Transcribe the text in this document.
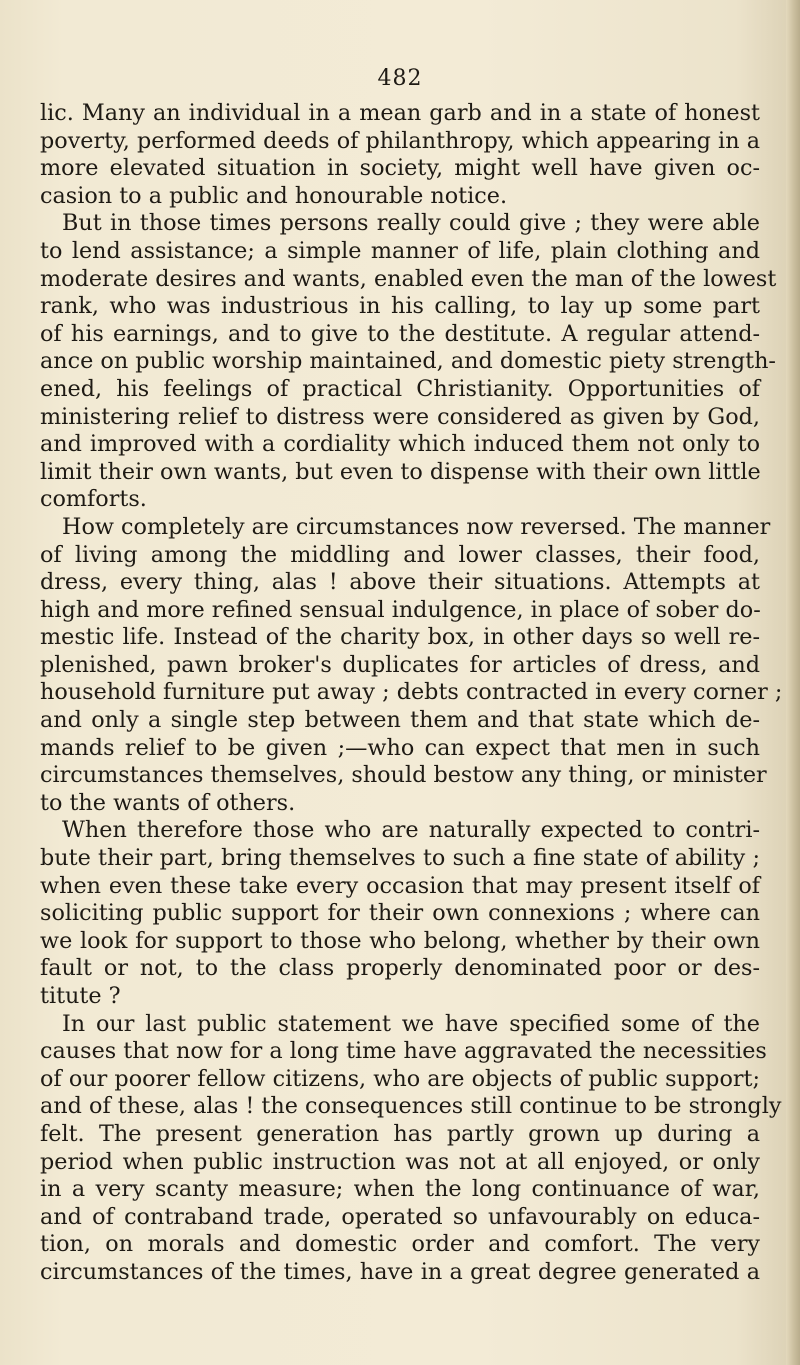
482
lic. Many an individual in a mean garb and in a state of honest
poverty, performed deeds of philanthropy, which appearing in a
more elevated situation in society, might well have given oc-
casion to a public and honourable notice.
But in those times persons really could give ; they were able
to lend assistance; a simple manner of life, plain clothing and
moderate desires and wants, enabled even the man of the lowest
rank, who was industrious in his calling, to lay up some part
of his earnings, and to give to the destitute. A regular attend-
ance on public worship maintained, and domestic piety strength-
ened, his feelings of practical Christianity. Opportunities of
ministering relief to distress were considered as given by God,
and improved with a cordiality which induced them not only to
limit their own wants, but even to dispense with their own little
comforts.
How completely are circumstances now reversed. The manner
of living among the middling and lower classes, their food,
dress, every thing, alas ! above their situations. Attempts at
high and more refined sensual indulgence, in place of sober do-
mestic life. Instead of the charity box, in other days so well re-
plenished, pawn broker's duplicates for articles of dress, and
household furniture put away ; debts contracted in every corner ;
and only a single step between them and that state which de-
mands relief to be given ;—who can expect that men in such
circumstances themselves, should bestow any thing, or minister
to the wants of others.
When therefore those who are naturally expected to contri-
bute their part, bring themselves to such a fine state of ability ;
when even these take every occasion that may present itself of
soliciting public support for their own connexions ; where can
we look for support to those who belong, whether by their own
fault or not, to the class properly denominated poor or des-
titute ?
In our last public statement we have specified some of the
causes that now for a long time have aggravated the necessities
of our poorer fellow citizens, who are objects of public support;
and of these, alas ! the consequences still continue to be strongly
felt. The present generation has partly grown up during a
period when public instruction was not at all enjoyed, or only
in a very scanty measure; when the long continuance of war,
and of contraband trade, operated so unfavourably on educa-
tion, on morals and domestic order and comfort. The very
circumstances of the times, have in a great degree generated a
